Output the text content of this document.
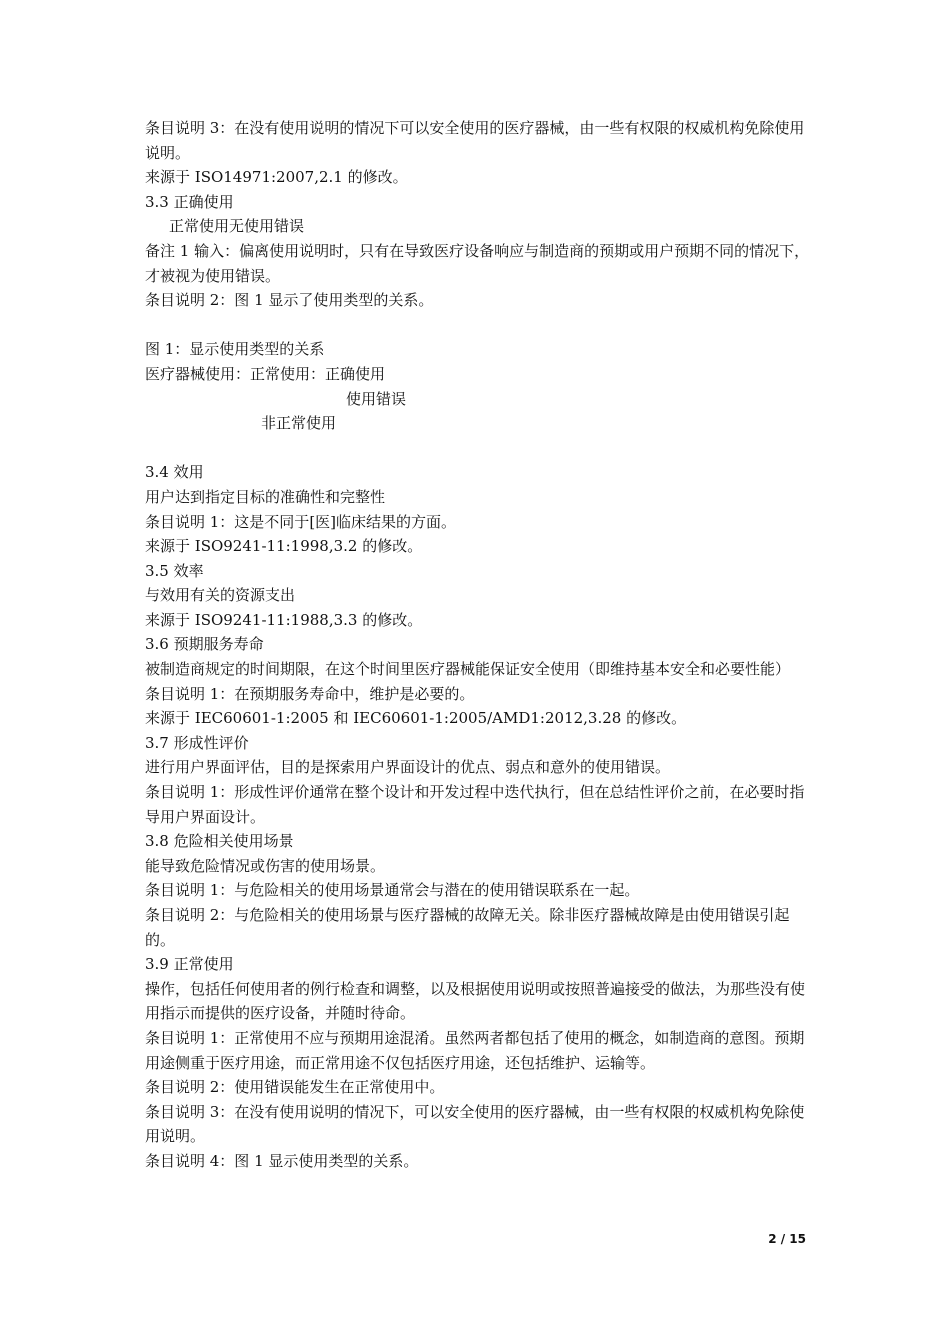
条目说明 3：在没有使用说明的情况下可以安全使用的医疗器械，由一些有权限的权威机构免除使用说明。

来源于 ISO14971:2007,2.1 的修改。

3.3 正确使用

正常使用无使用错误

备注 1 输入：偏离使用说明时，只有在导致医疗设备响应与制造商的预期或用户预期不同的情况下，才被视为使用错误。

条目说明 2：图 1 显示了使用类型的关系。

图 1：显示使用类型的关系

医疗器械使用：正常使用：正确使用

使用错误

非正常使用

3.4 效用

用户达到指定目标的准确性和完整性

条目说明 1：这是不同于[医]临床结果的方面。

来源于 ISO9241-11:1998,3.2 的修改。

3.5 效率

与效用有关的资源支出

来源于 ISO9241-11:1988,3.3 的修改。

3.6 预期服务寿命

被制造商规定的时间期限，在这个时间里医疗器械能保证安全使用（即维持基本安全和必要性能）

条目说明 1：在预期服务寿命中，维护是必要的。

来源于 IEC60601-1:2005 和 IEC60601-1:2005/AMD1:2012,3.28 的修改。

3.7 形成性评价

进行用户界面评估，目的是探索用户界面设计的优点、弱点和意外的使用错误。

条目说明 1：形成性评价通常在整个设计和开发过程中迭代执行，但在总结性评价之前，在必要时指导用户界面设计。

3.8 危险相关使用场景

能导致危险情况或伤害的使用场景。

条目说明 1：与危险相关的使用场景通常会与潜在的使用错误联系在一起。

条目说明 2：与危险相关的使用场景与医疗器械的故障无关。除非医疗器械故障是由使用错误引起的。

3.9 正常使用

操作，包括任何使用者的例行检查和调整，以及根据使用说明或按照普遍接受的做法，为那些没有使用指示而提供的医疗设备，并随时待命。

条目说明 1：正常使用不应与预期用途混淆。虽然两者都包括了使用的概念，如制造商的意图。预期用途侧重于医疗用途，而正常用途不仅包括医疗用途，还包括维护、运输等。

条目说明 2：使用错误能发生在正常使用中。

条目说明 3：在没有使用说明的情况下，可以安全使用的医疗器械，由一些有权限的权威机构免除使用说明。

条目说明 4：图 1 显示使用类型的关系。

2 / 15
